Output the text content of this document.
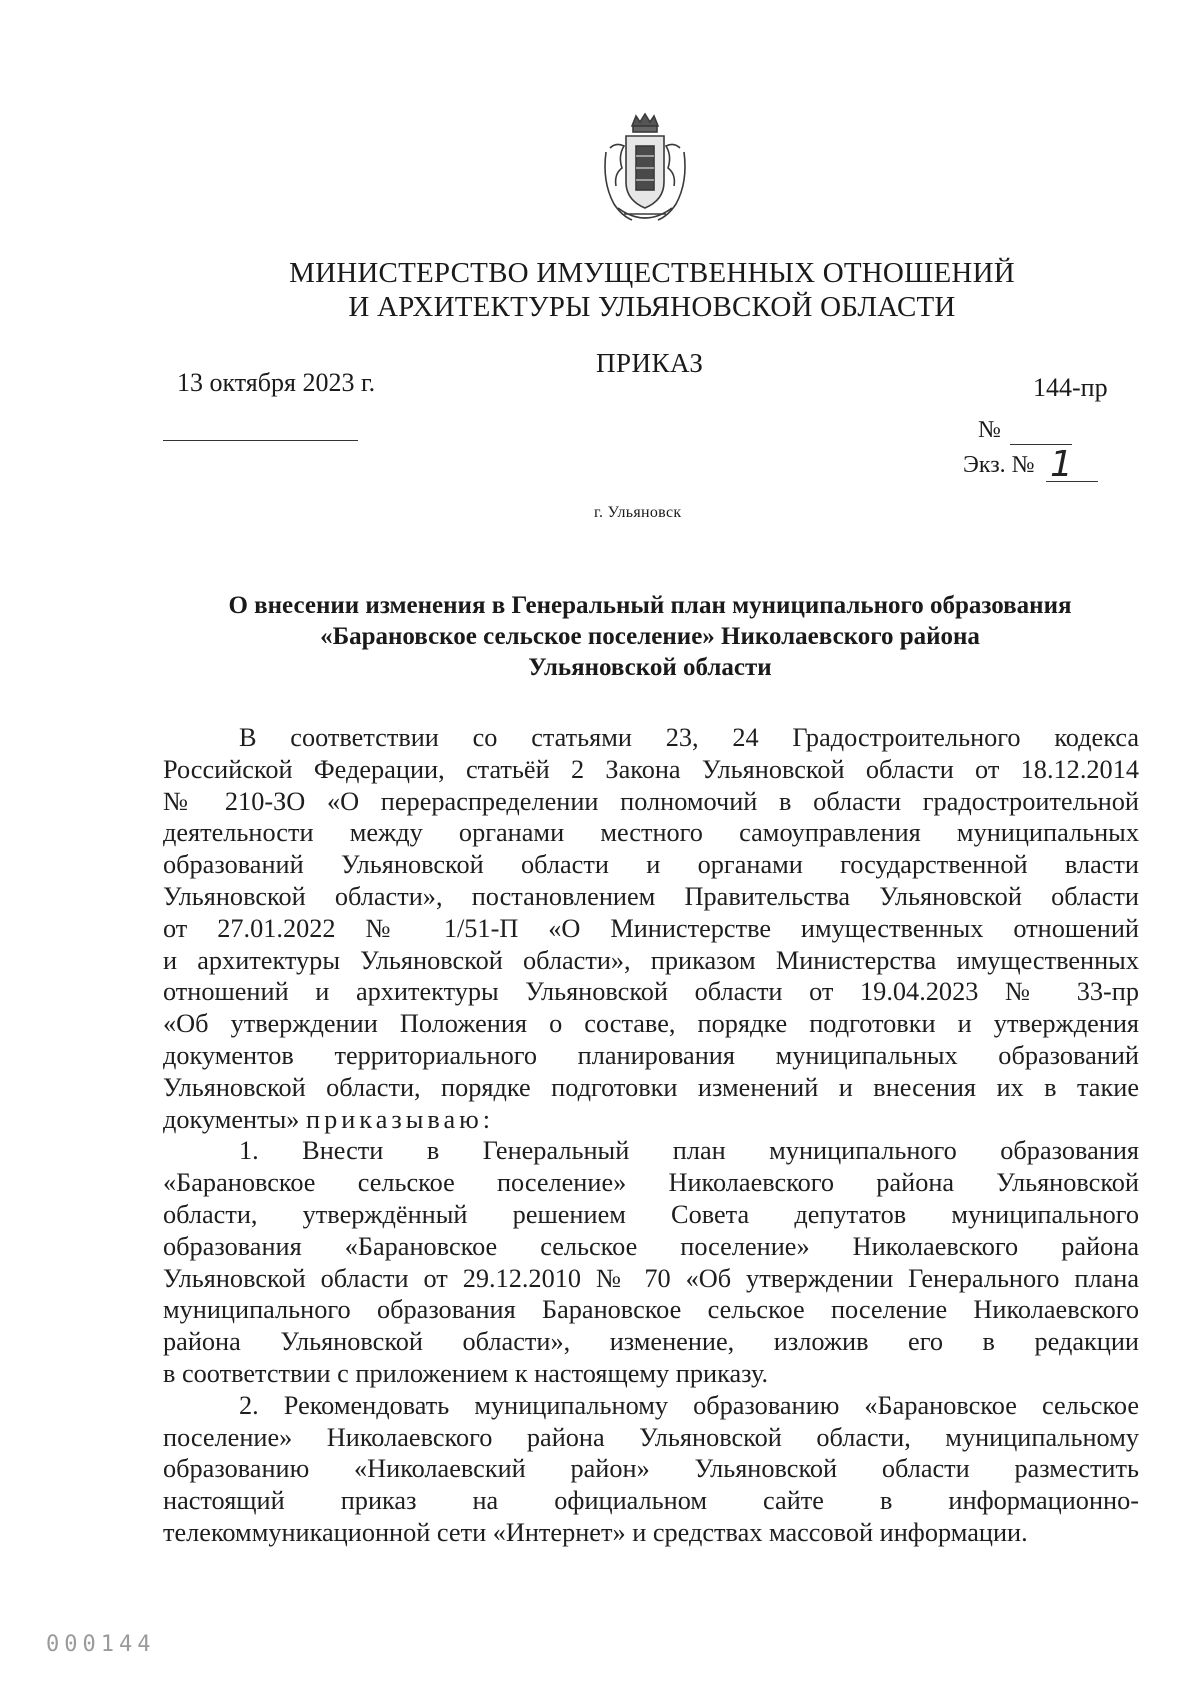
МИНИСТЕРСТВО ИМУЩЕСТВЕННЫХ ОТНОШЕНИЙ
И АРХИТЕКТУРЫ УЛЬЯНОВСКОЙ ОБЛАСТИ
ПРИКАЗ
13 октября 2023 г.	144-пр
№
Экз. № 1
г. Ульяновск
О внесении изменения в Генеральный план муниципального образования
«Барановское сельское поселение» Николаевского района
Ульяновской области
В соответствии со статьями 23, 24 Градостроительного кодекса
Российской Федерации, статьёй 2 Закона Ульяновской области от 18.12.2014
№ 210-ЗО «О перераспределении полномочий в области градостроительной
деятельности между органами местного самоуправления муниципальных
образований Ульяновской области и органами государственной власти
Ульяновской области», постановлением Правительства Ульяновской области
от 27.01.2022 № 1/51-П «О Министерстве имущественных отношений
и архитектуры Ульяновской области», приказом Министерства имущественных
отношений и архитектуры Ульяновской области от 19.04.2023 № 33-пр
«Об утверждении Положения о составе, порядке подготовки и утверждения
документов территориального планирования муниципальных образований
Ульяновской области, порядке подготовки изменений и внесения их в такие
документы» приказываю:
1. Внести в Генеральный план муниципального образования
«Барановское сельское поселение» Николаевского района Ульяновской
области, утверждённый решением Совета депутатов муниципального
образования «Барановское сельское поселение» Николаевского района
Ульяновской области от 29.12.2010 № 70 «Об утверждении Генерального плана
муниципального образования Барановское сельское поселение Николаевского
района Ульяновской области», изменение, изложив его в редакции
в соответствии с приложением к настоящему приказу.
2. Рекомендовать муниципальному образованию «Барановское сельское
поселение» Николаевского района Ульяновской области, муниципальному
образованию «Николаевский район» Ульяновской области разместить
настоящий приказ на официальном сайте в информационно-
телекоммуникационной сети «Интернет» и средствах массовой информации.
000144
